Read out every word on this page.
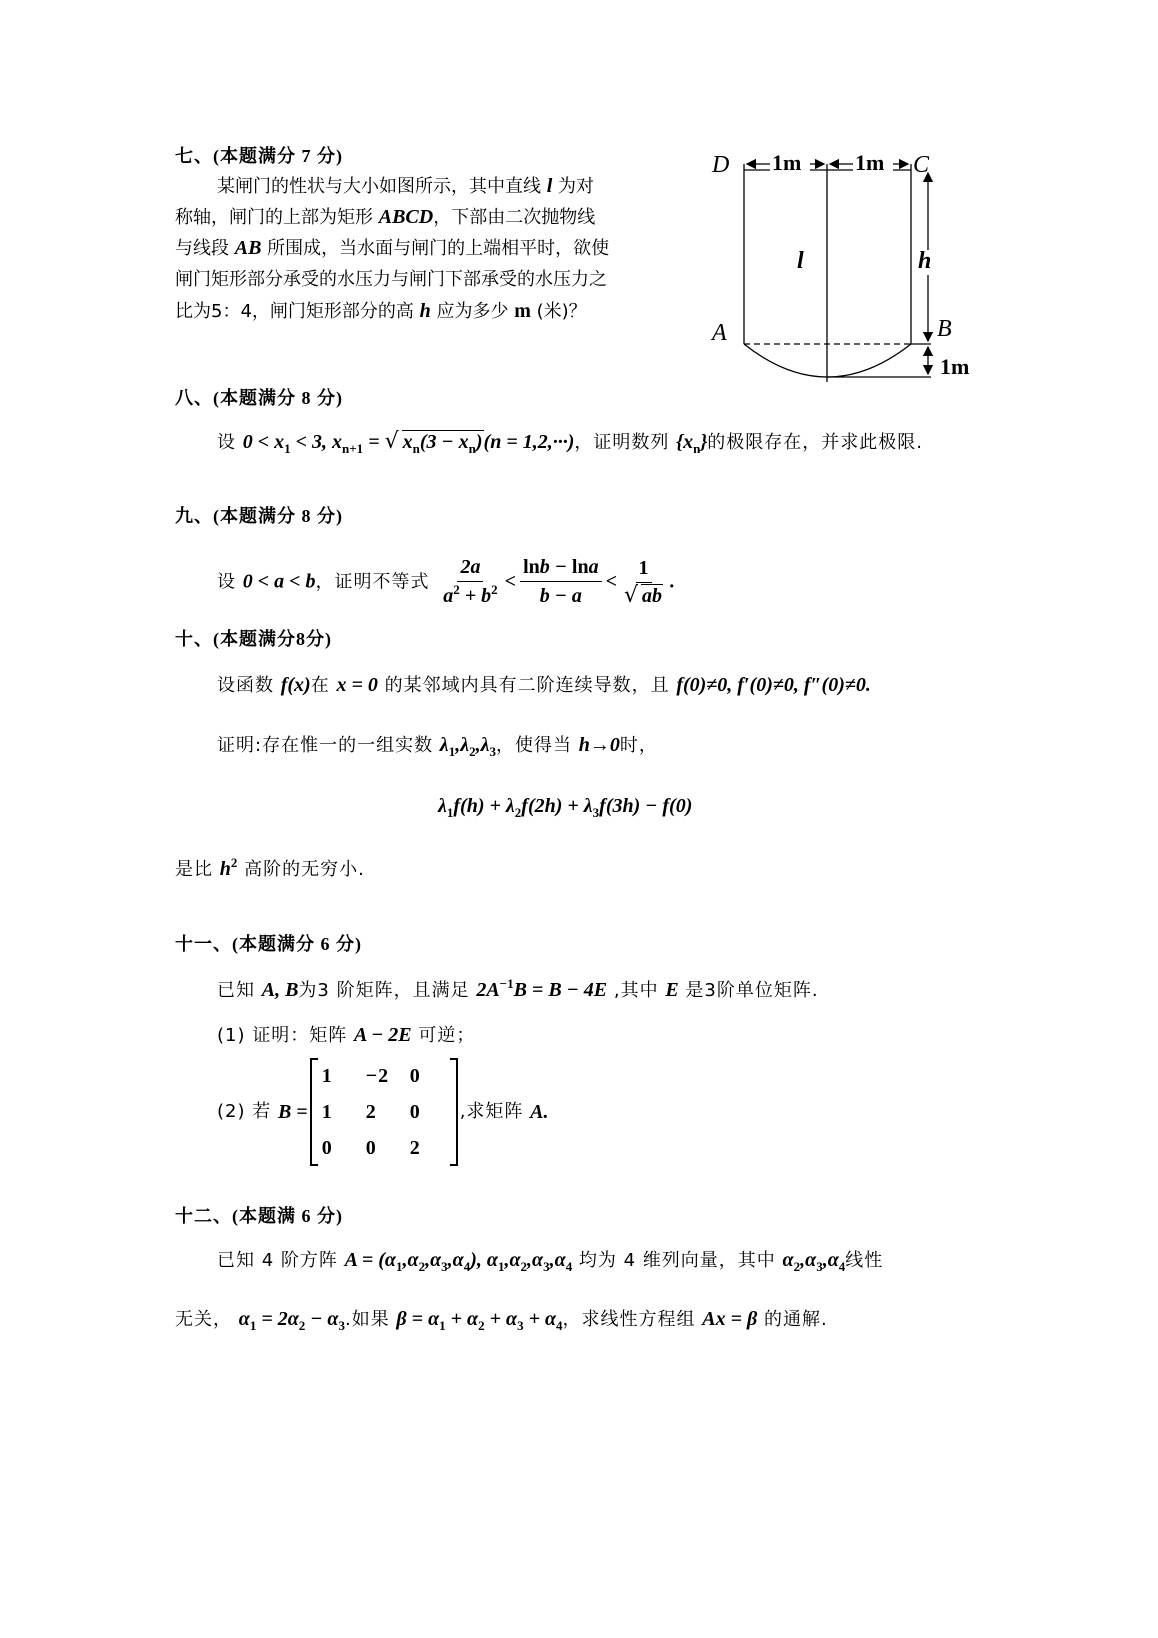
七、(本题满分 7 分)
某闸门的性状与大小如图所示，其中直线 l 为对
称轴，闸门的上部为矩形 ABCD，下部由二次抛物线
与线段 AB 所围成，当水面与闸门的上端相平时，欲使
闸门矩形部分承受的水压力与闸门下部承受的水压力之
比为5：4，闸门矩形部分的高 h 应为多少 m (米)？
D	C
A	B
l	h
1m 1m
1m
八、(本题满分 8 分)
设 $0 < x_1 < 3$, $x_{n+1}$ = √ $x_n(3 - x_n)(n = 1,2,\cdot\cdot\cdot)$，证明数列 $\{x_n\}$的极限存在，并求此极限.
九、(本题满分 8 分)
设 0 < a < b，证明不等式 $\frac{2a}{a^2 + b^2} < \frac{\ln b - \ln a}{b - a} < \frac{1}{√ ab}$ .
十、(本题满分8分)
设函数 f(x)在 x = 0 的某邻域内具有二阶连续导数，且 f(0)≠0, f′(0)≠0, f″(0)≠0.
证明:存在惟一的一组实数 $\lambda_1,\lambda_2,\lambda_3$，使得当 h→0时，
$\lambda_1f(h) + \lambda_2f(2h) + \lambda_3f(3h) - f(0)$
是比 $h^2$ 高阶的无穷小.
十一、(本题满分 6 分)
已知 A, B为3 阶矩阵，且满足 $2A^{-1}B = B - 4E$ ,其中 E 是3阶单位矩阵.
(1) 证明：矩阵 A − 2E 可逆；
(2) 若 B =
1	−2	0
1	2	0
0	0	2
,求矩阵 A.
十二、(本题满 6 分)
已知 4 阶方阵 $A = (\alpha_1,\alpha_2,\alpha_3,\alpha_4)$, $\alpha_1,\alpha_2,\alpha_3,\alpha_4$ 均为 4 维列向量，其中 $\alpha_2,\alpha_3,\alpha_4$线性
无关， $\alpha_1 = 2\alpha_2 - \alpha_3$.如果 $\beta = \alpha_1 + \alpha_2 + \alpha_3 + \alpha_4$，求线性方程组 Ax = β 的通解.
